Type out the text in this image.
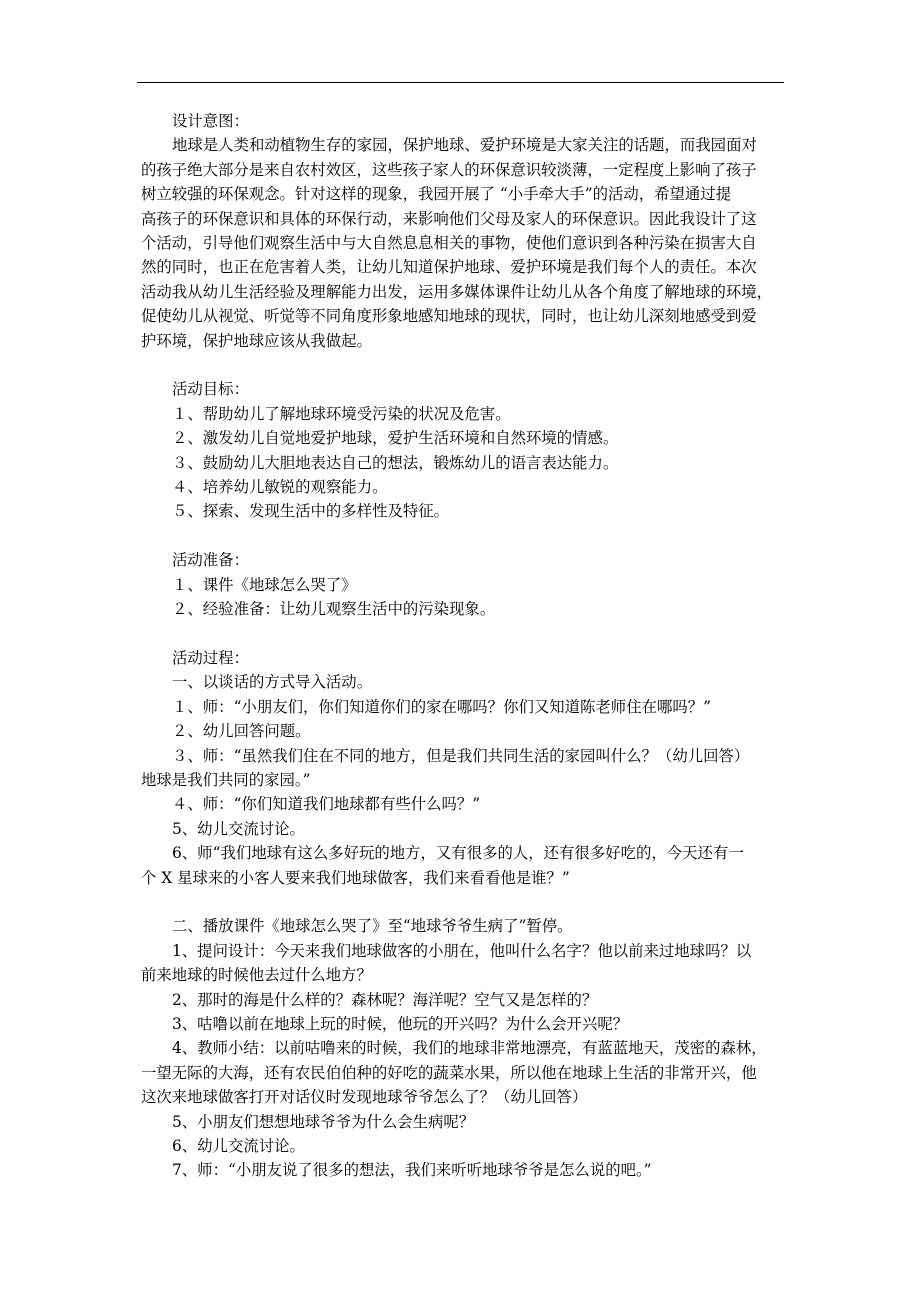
设计意图：

地球是人类和动植物生存的家园，保护地球、爱护环境是大家关注的话题，而我园面对

的孩子绝大部分是来自农村效区，这些孩子家人的环保意识较淡薄，一定程度上影响了孩子

树立较强的环保观念。针对这样的现象，我园开展了 “小手牵大手”的活动，希望通过提

高孩子的环保意识和具体的环保行动，来影响他们父母及家人的环保意识。因此我设计了这

个活动，引导他们观察生活中与大自然息息相关的事物，使他们意识到各种污染在损害大自

然的同时，也正在危害着人类，让幼儿知道保护地球、爱护环境是我们每个人的责任。本次

活动我从幼儿生活经验及理解能力出发，运用多媒体课件让幼儿从各个角度了解地球的环境，

促使幼儿从视觉、听觉等不同角度形象地感知地球的现状，同时，也让幼儿深刻地感受到爱

护环境，保护地球应该从我做起。

活动目标：

１、帮助幼儿了解地球环境受污染的状况及危害。

２、激发幼儿自觉地爱护地球，爱护生活环境和自然环境的情感。

３、鼓励幼儿大胆地表达自己的想法，锻炼幼儿的语言表达能力。

４、培养幼儿敏锐的观察能力。

５、探索、发现生活中的多样性及特征。

活动准备：

１、课件《地球怎么哭了》

２、经验准备：让幼儿观察生活中的污染现象。

活动过程：

一、以谈话的方式导入活动。

１、师：“小朋友们，你们知道你们的家在哪吗？你们又知道陈老师住在哪吗？”

２、幼儿回答问题。

３、师：“虽然我们住在不同的地方，但是我们共同生活的家园叫什么？（幼儿回答）

地球是我们共同的家园。”

４、师：“你们知道我们地球都有些什么吗？”

5、幼儿交流讨论。

6、师“我们地球有这么多好玩的地方，又有很多的人，还有很多好吃的，今天还有一

个 X 星球来的小客人要来我们地球做客，我们来看看他是谁？”

二、播放课件《地球怎么哭了》至“地球爷爷生病了”暂停。

1、提问设计：今天来我们地球做客的小朋在，他叫什么名字？他以前来过地球吗？以

前来地球的时候他去过什么地方？

2、那时的海是什么样的？森林呢？海洋呢？空气又是怎样的？

3、咕噜以前在地球上玩的时候，他玩的开兴吗？为什么会开兴呢？

4、教师小结：以前咕噜来的时候，我们的地球非常地漂亮，有蓝蓝地天，茂密的森林，

一望无际的大海，还有农民伯伯种的好吃的蔬菜水果，所以他在地球上生活的非常开兴，他

这次来地球做客打开对话仪时发现地球爷爷怎么了？（幼儿回答）

5、小朋友们想想地球爷爷为什么会生病呢？

6、幼儿交流讨论。

7、师：“小朋友说了很多的想法，我们来听听地球爷爷是怎么说的吧。”
